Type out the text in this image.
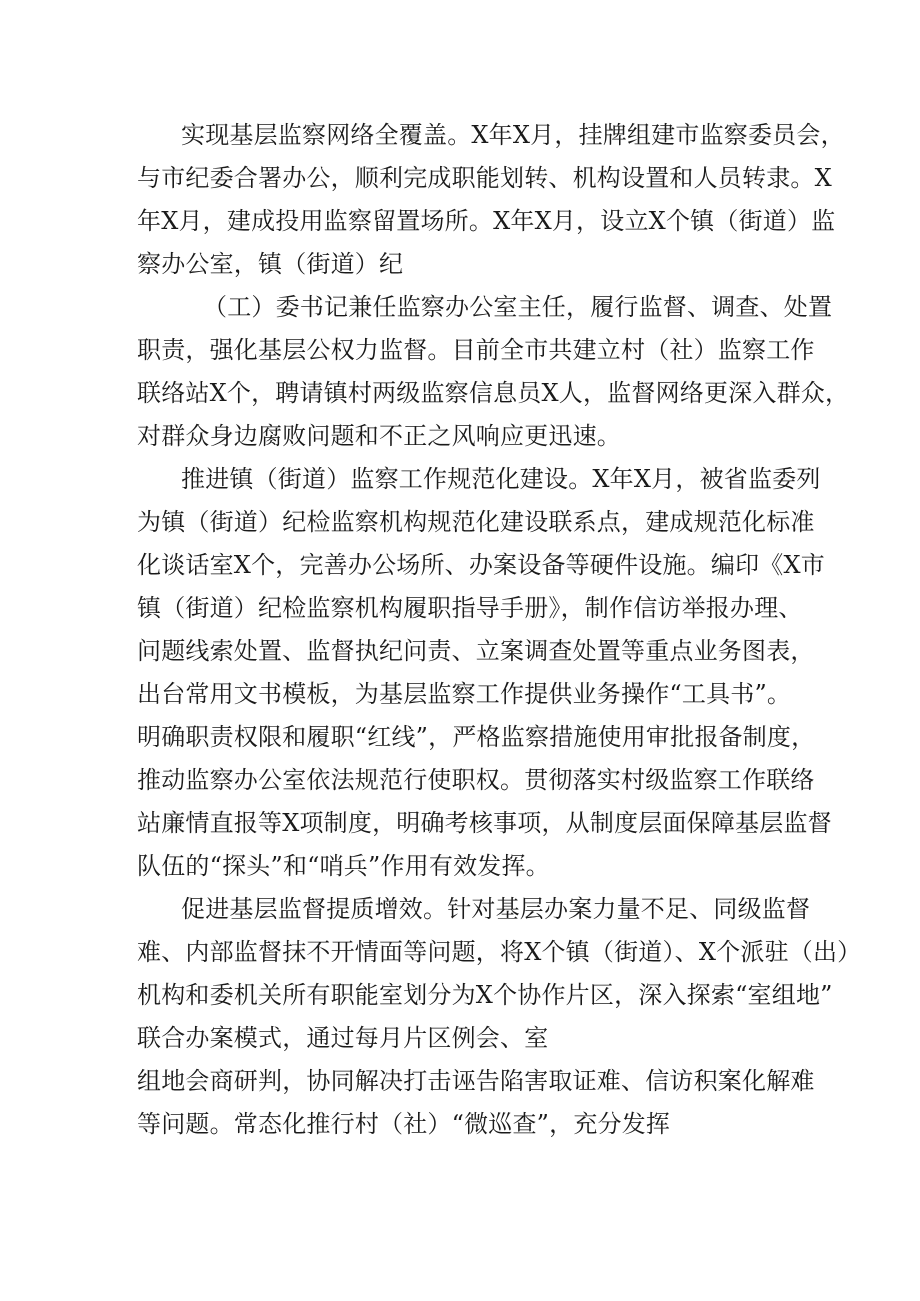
实现基层监察网络全覆盖。X年X月，挂牌组建市监察委员会，
与市纪委合署办公，顺利完成职能划转、机构设置和人员转隶。X
年X月，建成投用监察留置场所。X年X月，设立X个镇（街道）监
察办公室，镇（街道）纪
（工）委书记兼任监察办公室主任，履行监督、调查、处置
职责，强化基层公权力监督。目前全市共建立村（社）监察工作
联络站X个，聘请镇村两级监察信息员X人，监督网络更深入群众，
对群众身边腐败问题和不正之风响应更迅速。
推进镇（街道）监察工作规范化建设。X年X月，被省监委列
为镇（街道）纪检监察机构规范化建设联系点，建成规范化标准
化谈话室X个，完善办公场所、办案设备等硬件设施。编印《X市
镇（街道）纪检监察机构履职指导手册》，制作信访举报办理、
问题线索处置、监督执纪问责、立案调查处置等重点业务图表，
出台常用文书模板，为基层监察工作提供业务操作“工具书”。
明确职责权限和履职“红线”，严格监察措施使用审批报备制度，
推动监察办公室依法规范行使职权。贯彻落实村级监察工作联络
站廉情直报等X项制度，明确考核事项，从制度层面保障基层监督
队伍的“探头”和“哨兵”作用有效发挥。
促进基层监督提质增效。针对基层办案力量不足、同级监督
难、内部监督抹不开情面等问题，将X个镇（街道）、X个派驻（出）
机构和委机关所有职能室划分为X个协作片区，深入探索“室组地”
联合办案模式，通过每月片区例会、室
组地会商研判，协同解决打击诬告陷害取证难、信访积案化解难
等问题。常态化推行村（社）“微巡查”，充分发挥
